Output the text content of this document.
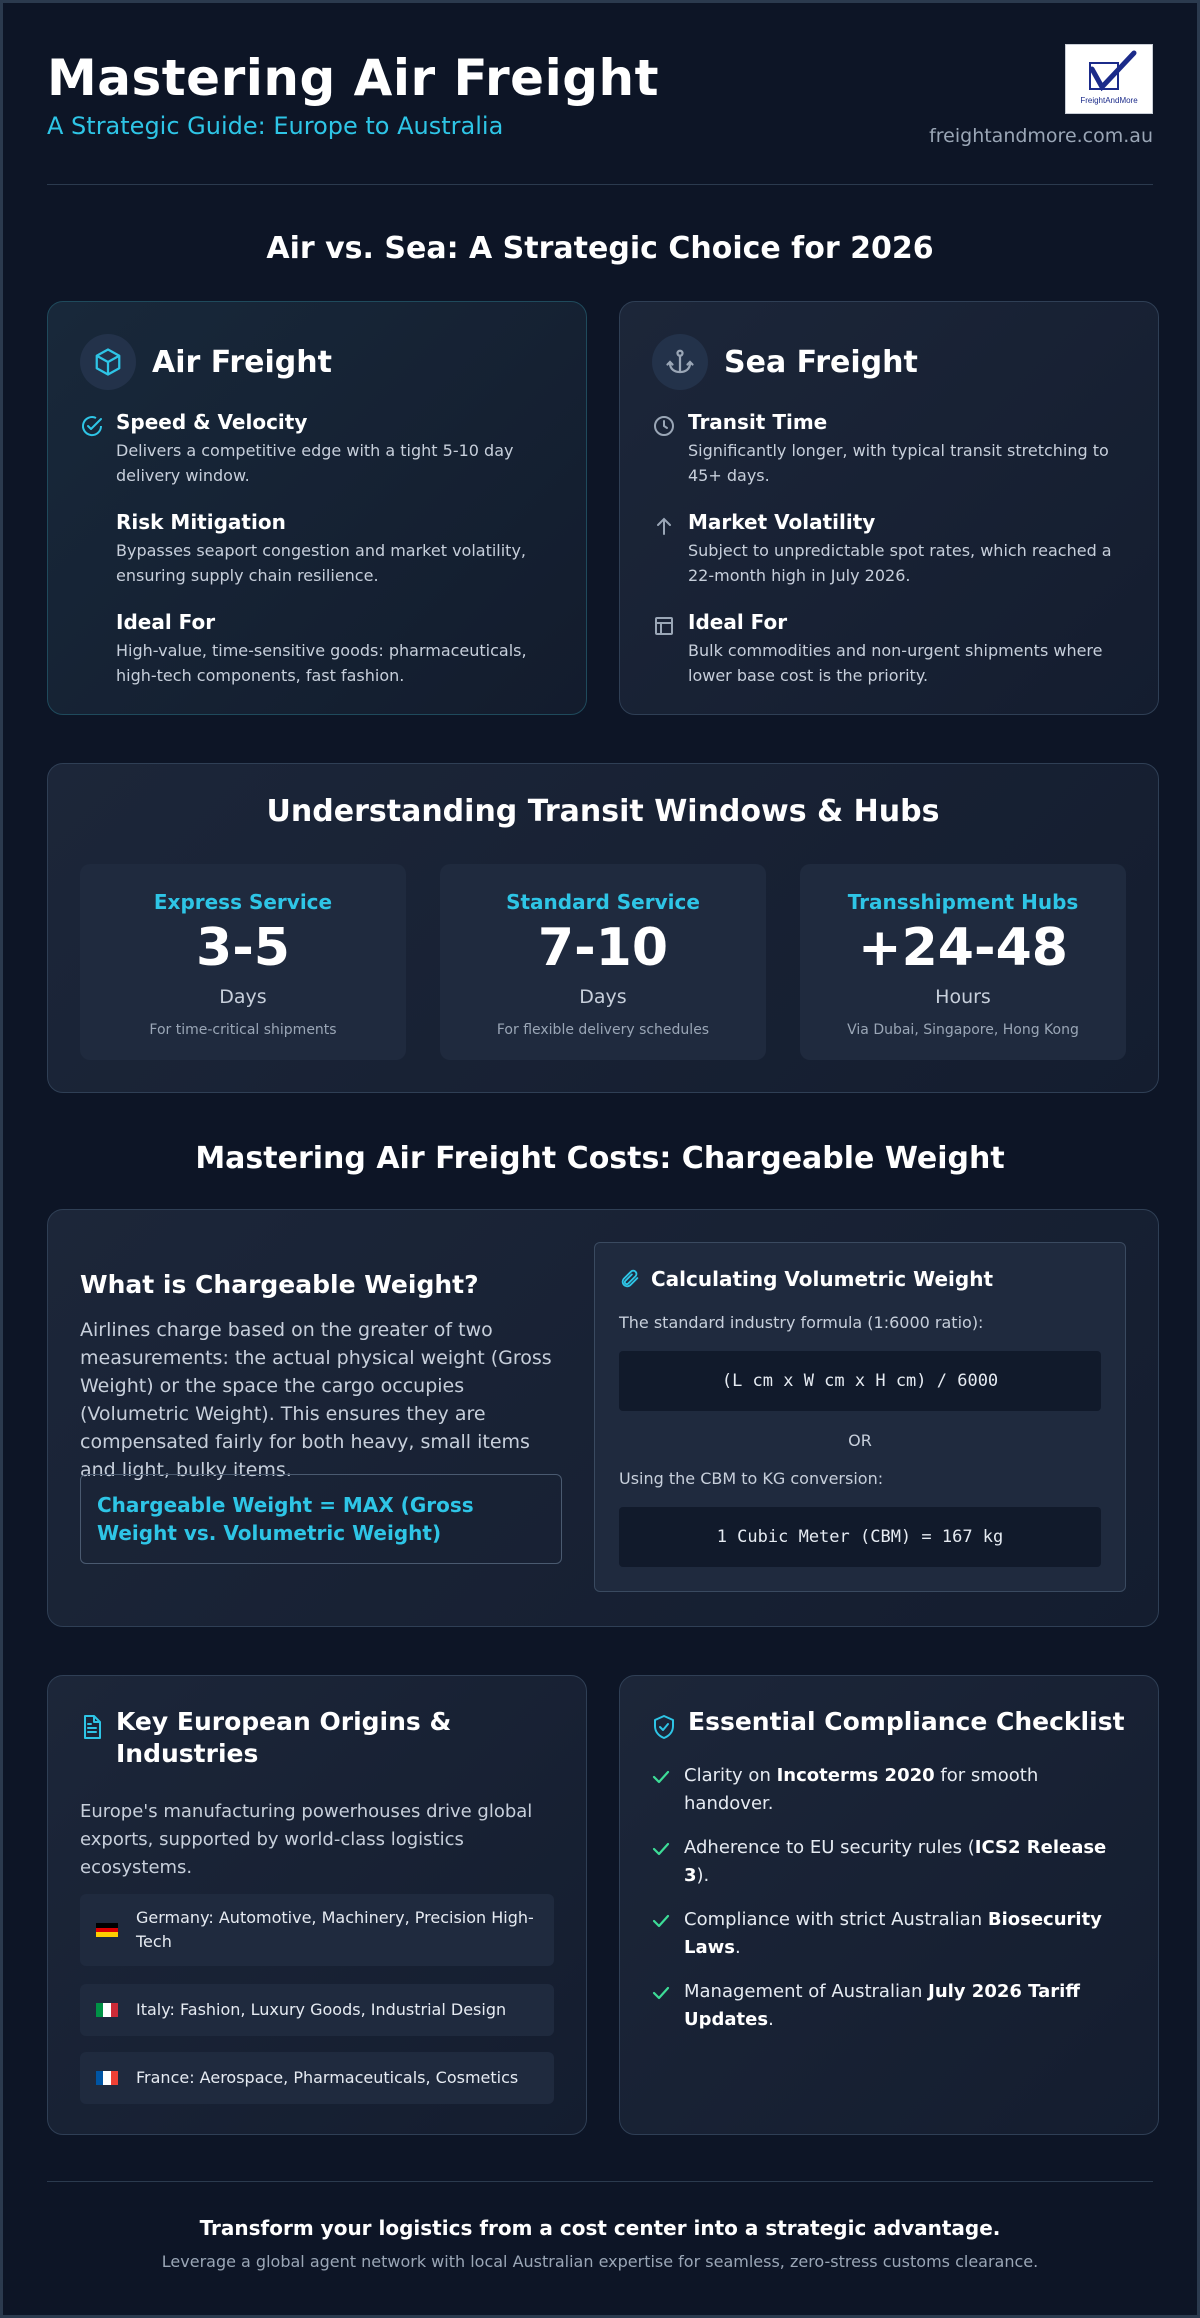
Mastering Air Freight
A Strategic Guide: Europe to Australia
FreightAndMore
freightandmore.com.au
Air vs. Sea: A Strategic Choice for 2026
Air Freight
Speed & Velocity
Delivers a competitive edge with a tight 5-10 day delivery window.
Risk Mitigation
Bypasses seaport congestion and market volatility, ensuring supply chain resilience.
Ideal For
High-value, time-sensitive goods: pharmaceuticals, high-tech components, fast fashion.
Sea Freight
Transit Time
Significantly longer, with typical transit stretching to 45+ days.
Market Volatility
Subject to unpredictable spot rates, which reached a 22-month high in July 2026.
Ideal For
Bulk commodities and non-urgent shipments where lower base cost is the priority.
Understanding Transit Windows & Hubs
Express Service
3-5
Days
For time-critical shipments
Standard Service
7-10
Days
For flexible delivery schedules
Transshipment Hubs
+24-48
Hours
Via Dubai, Singapore, Hong Kong
Mastering Air Freight Costs: Chargeable Weight
What is Chargeable Weight?
Airlines charge based on the greater of two measurements: the actual physical weight (Gross Weight) or the space the cargo occupies (Volumetric Weight). This ensures they are compensated fairly for both heavy, small items and light, bulky items.
Chargeable Weight = MAX (Gross Weight vs. Volumetric Weight)
Calculating Volumetric Weight
The standard industry formula (1:6000 ratio):
(L cm x W cm x H cm) / 6000
OR
Using the CBM to KG conversion:
1 Cubic Meter (CBM) = 167 kg
Key European Origins & Industries
Europe's manufacturing powerhouses drive global exports, supported by world-class logistics ecosystems.
Germany: Automotive, Machinery, Precision High-Tech
Italy: Fashion, Luxury Goods, Industrial Design
France: Aerospace, Pharmaceuticals, Cosmetics
Essential Compliance Checklist
Clarity on Incoterms 2020 for smooth handover.
Adherence to EU security rules (ICS2 Release 3).
Compliance with strict Australian Biosecurity Laws.
Management of Australian July 2026 Tariff Updates.
Transform your logistics from a cost center into a strategic advantage.
Leverage a global agent network with local Australian expertise for seamless, zero-stress customs clearance.
